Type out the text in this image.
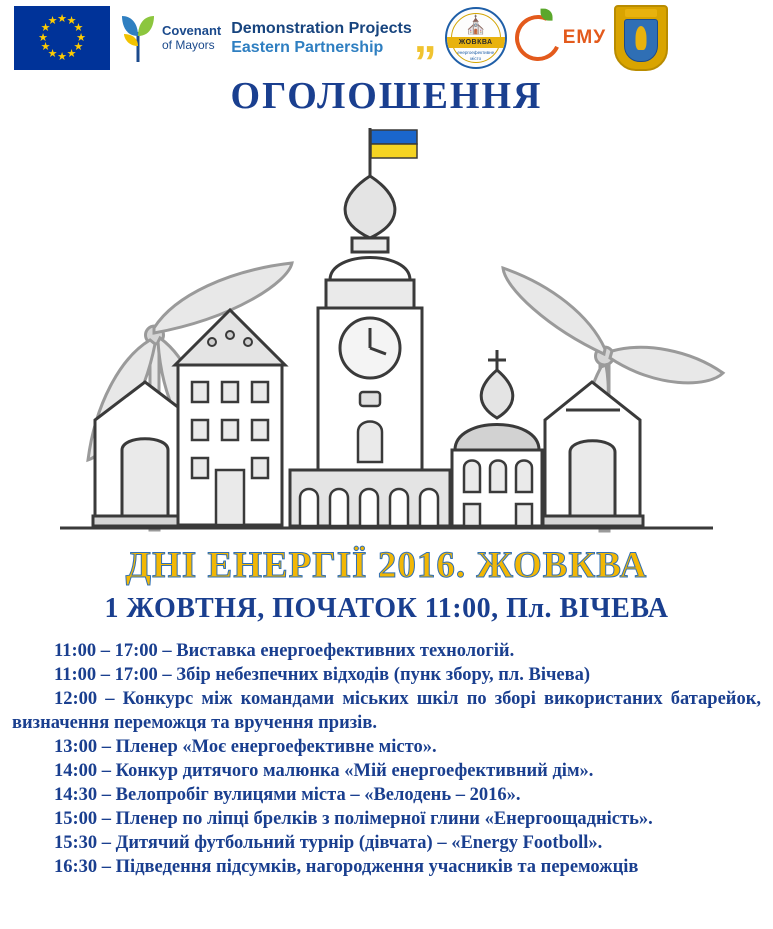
★ ★
★
★
★
★
★
★
★
★
★
★
Covenant
of Mayors
Demonstration Projects
Eastern Partnership „	⛪
ЖОВКВА
енергоефективне
місто
ЕМУ
ОГОЛОШЕННЯ
ДНІ ЕНЕРГІЇ 2016. ЖОВКВА
1 ЖОВТНЯ, ПОЧАТОК 11:00, Пл. ВІЧЕВА

11:00 – 17:00 – Виставка енергоефективних технологій.

11:00 – 17:00 – Збір небезпечних відходів (пунк збору, пл. Вічева)

12:00 – Конкурс між командами міських шкіл по зборі використаних батарейок, визначення переможця та вручення призів.

13:00 – Пленер «Моє енергоефективне місто».

14:00 – Конкур дитячого малюнка «Мій енергоефективний дім».

14:30 – Велопробіг вулицями міста – «Велодень – 2016».

15:00 – Пленер по ліпці брелків з полімерної глини «Енергоощадність».

15:30 – Дитячий футбольний турнір (дівчата) – «Energy Footboll».

16:30 – Підведення підсумків, нагородження учасників та переможців
